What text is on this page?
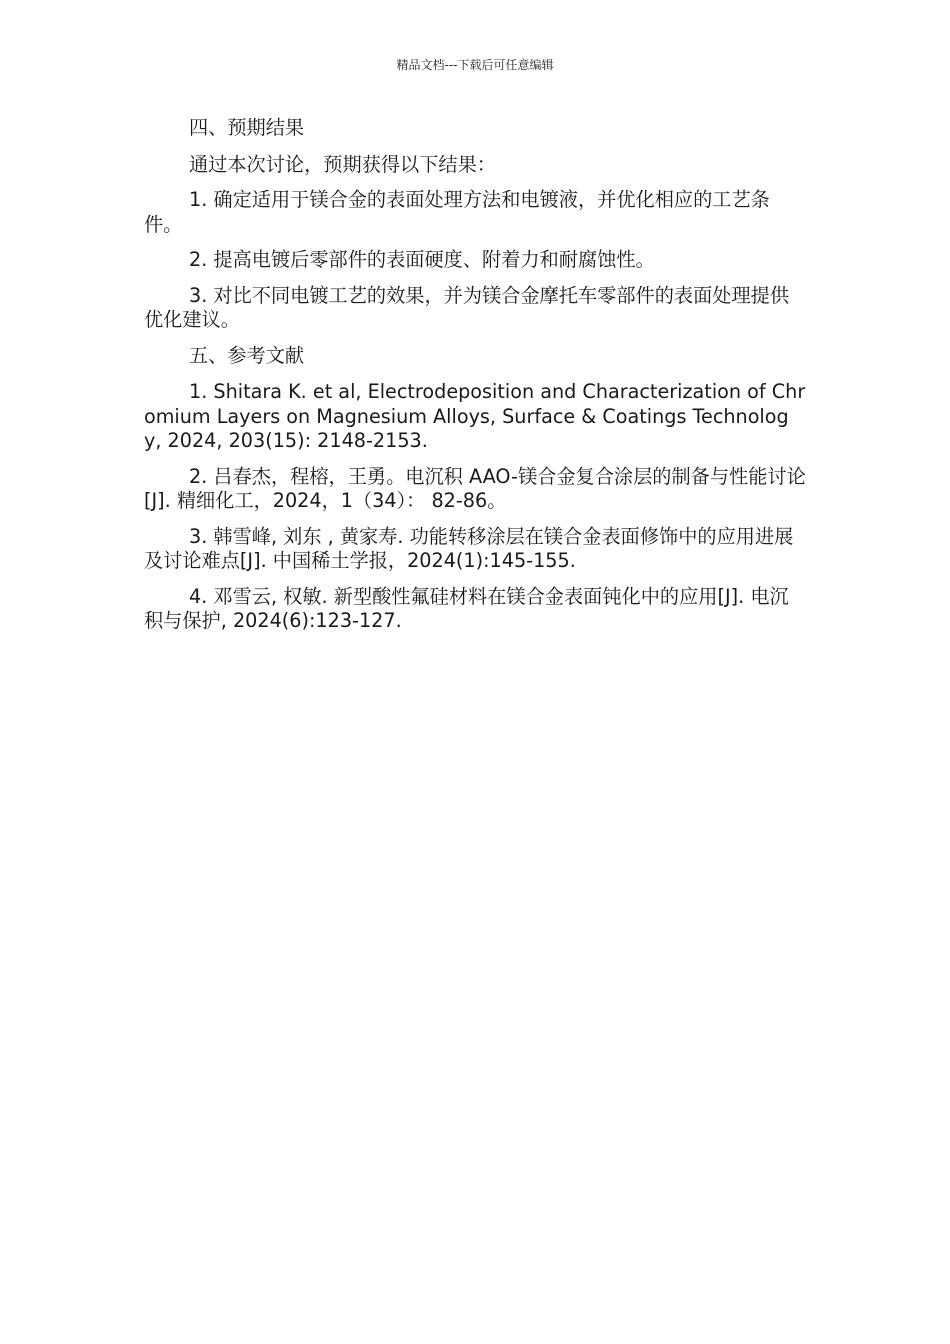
精品文档---下载后可任意编辑

四、预期结果

通过本次讨论，预期获得以下结果：

1. 确定适用于镁合金的表面处理方法和电镀液，并优化相应的工艺条件。

2. 提高电镀后零部件的表面硬度、附着力和耐腐蚀性。

3. 对比不同电镀工艺的效果，并为镁合金摩托车零部件的表面处理提供优化建议。

五、参考文献

1. Shitara K. et al, Electrodeposition and Characterization of Chromium Layers on Magnesium Alloys, Surface & Coatings Technology, 2024, 203(15): 2148-2153.

2. 吕春杰，程榕，王勇。电沉积 AAO-镁合金复合涂层的制备与性能讨论[J]. 精细化工，2024，1（34）： 82-86。

3. 韩雪峰, 刘东 , 黄家寿. 功能转移涂层在镁合金表面修饰中的应用进展及讨论难点[J]. 中国稀土学报，2024(1):145-155.

4. 邓雪云, 权敏. 新型酸性氟硅材料在镁合金表面钝化中的应用[J]. 电沉积与保护, 2024(6):123-127.
